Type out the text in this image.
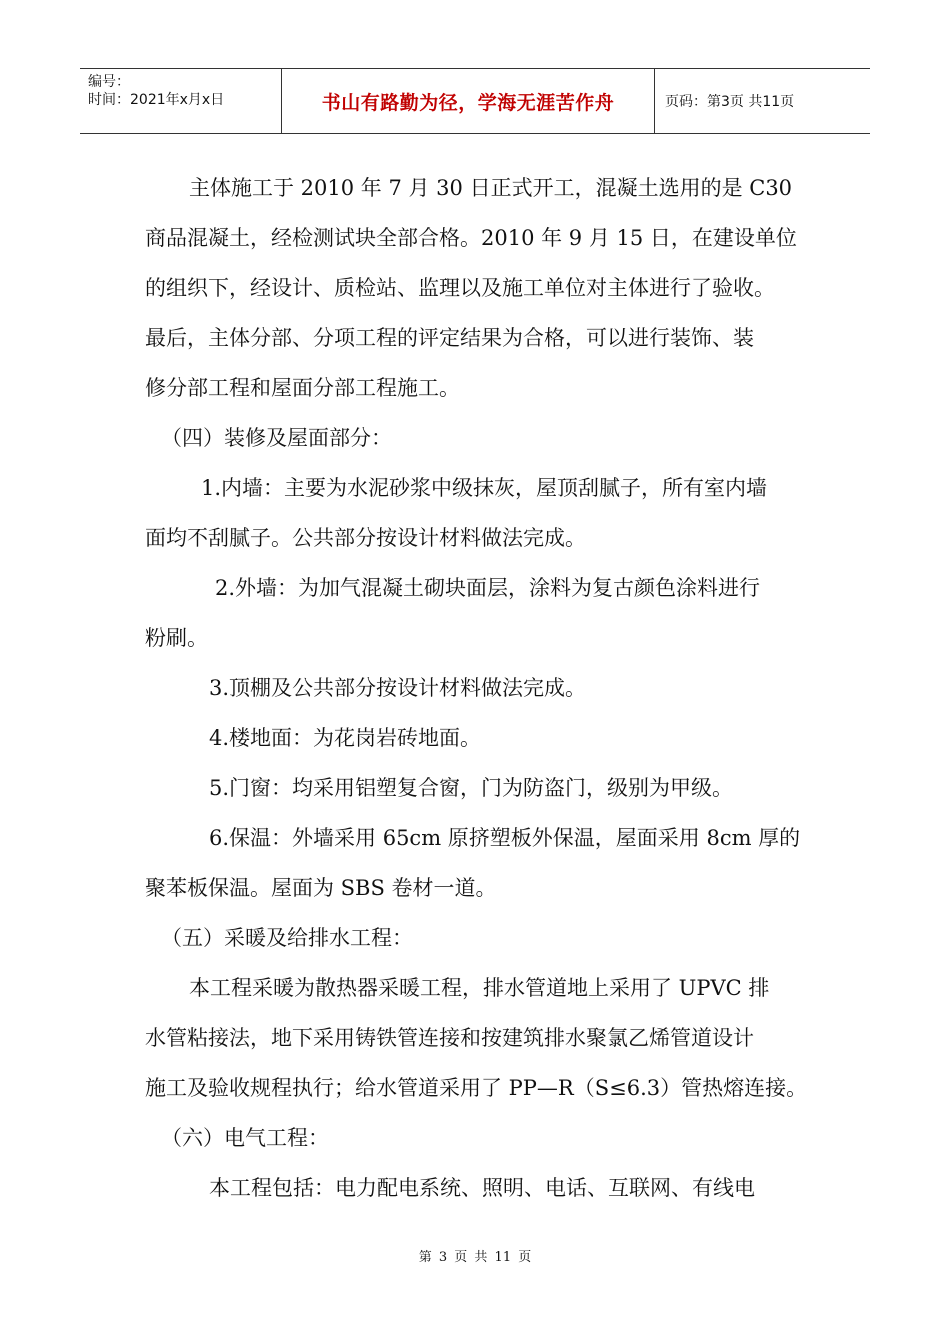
编号：
时间：2021年x月x日	书山有路勤为径，学海无涯苦作舟	页码：第3页 共11页

主体施工于 2010 年 7 月 30 日正式开工，混凝土选用的是 C30

商品混凝土，经检测试块全部合格。2010 年 9 月 15 日，在建设单位

的组织下，经设计、质检站、监理以及施工单位对主体进行了验收。

最后，主体分部、分项工程的评定结果为合格，可以进行装饰、装

修分部工程和屋面分部工程施工。

（四）装修及屋面部分：

1.内墙：主要为水泥砂浆中级抹灰，屋顶刮腻子，所有室内墙

面均不刮腻子。公共部分按设计材料做法完成。

2.外墙：为加气混凝土砌块面层，涂料为复古颜色涂料进行

粉刷。

3.顶棚及公共部分按设计材料做法完成。

4.楼地面：为花岗岩砖地面。

5.门窗：均采用铝塑复合窗，门为防盗门，级别为甲级。

6.保温：外墙采用 65cm 原挤塑板外保温，屋面采用 8cm 厚的

聚苯板保温。屋面为 SBS 卷材一道。

（五）采暖及给排水工程：

本工程采暖为散热器采暖工程，排水管道地上采用了 UPVC 排

水管粘接法，地下采用铸铁管连接和按建筑排水聚氯乙烯管道设计

施工及验收规程执行；给水管道采用了 PP—R（S≤6.3）管热熔连接。

（六）电气工程：

本工程包括：电力配电系统、照明、电话、互联网、有线电

第 3 页 共 11 页
